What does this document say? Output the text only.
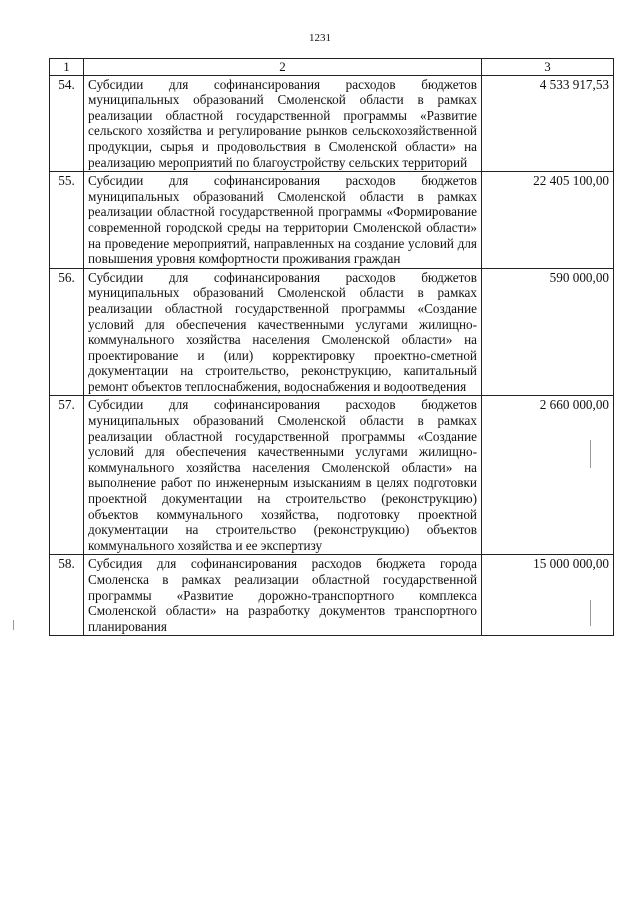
1231
1	2	3
54.	Субсидии для софинансирования расходов бюджетов муниципальных образований Смоленской области в рамках реализации областной государственной программы «Развитие сельского хозяйства и регулирование рынков сельскохозяйственной продукции, сырья и продовольствия в Смоленской области» на реализацию мероприятий по благоустройству сельских территорий	4 533 917,53
55.	Субсидии для софинансирования расходов бюджетов муниципальных образований Смоленской области в рамках реализации областной государственной программы «Формирование современной городской среды на территории Смоленской области» на проведение мероприятий, направленных на создание условий для повышения уровня комфортности проживания граждан	22 405 100,00
56.	Субсидии для софинансирования расходов бюджетов муниципальных образований Смоленской области в рамках реализации областной государственной программы «Создание условий для обеспечения качественными услугами жилищно-коммунального хозяйства населения Смоленской области» на проектирование и (или) корректировку проектно-сметной документации на строительство, реконструкцию, капитальный ремонт объектов теплоснабжения, водоснабжения и водоотведения	590 000,00
57.	Субсидии для софинансирования расходов бюджетов муниципальных образований Смоленской области в рамках реализации областной государственной программы «Создание условий для обеспечения качественными услугами жилищно-коммунального хозяйства населения Смоленской области» на выполнение работ по инженерным изысканиям в целях подготовки проектной документации на строительство (реконструкцию) объектов коммунального хозяйства, подготовку проектной документации на строительство (реконструкцию) объектов коммунального хозяйства и ее экспертизу	2 660 000,00
58.	Субсидия для софинансирования расходов бюджета города Смоленска в рамках реализации областной государственной программы «Развитие дорожно-транспортного комплекса Смоленской области» на разработку документов транспортного планирования	15 000 000,00
